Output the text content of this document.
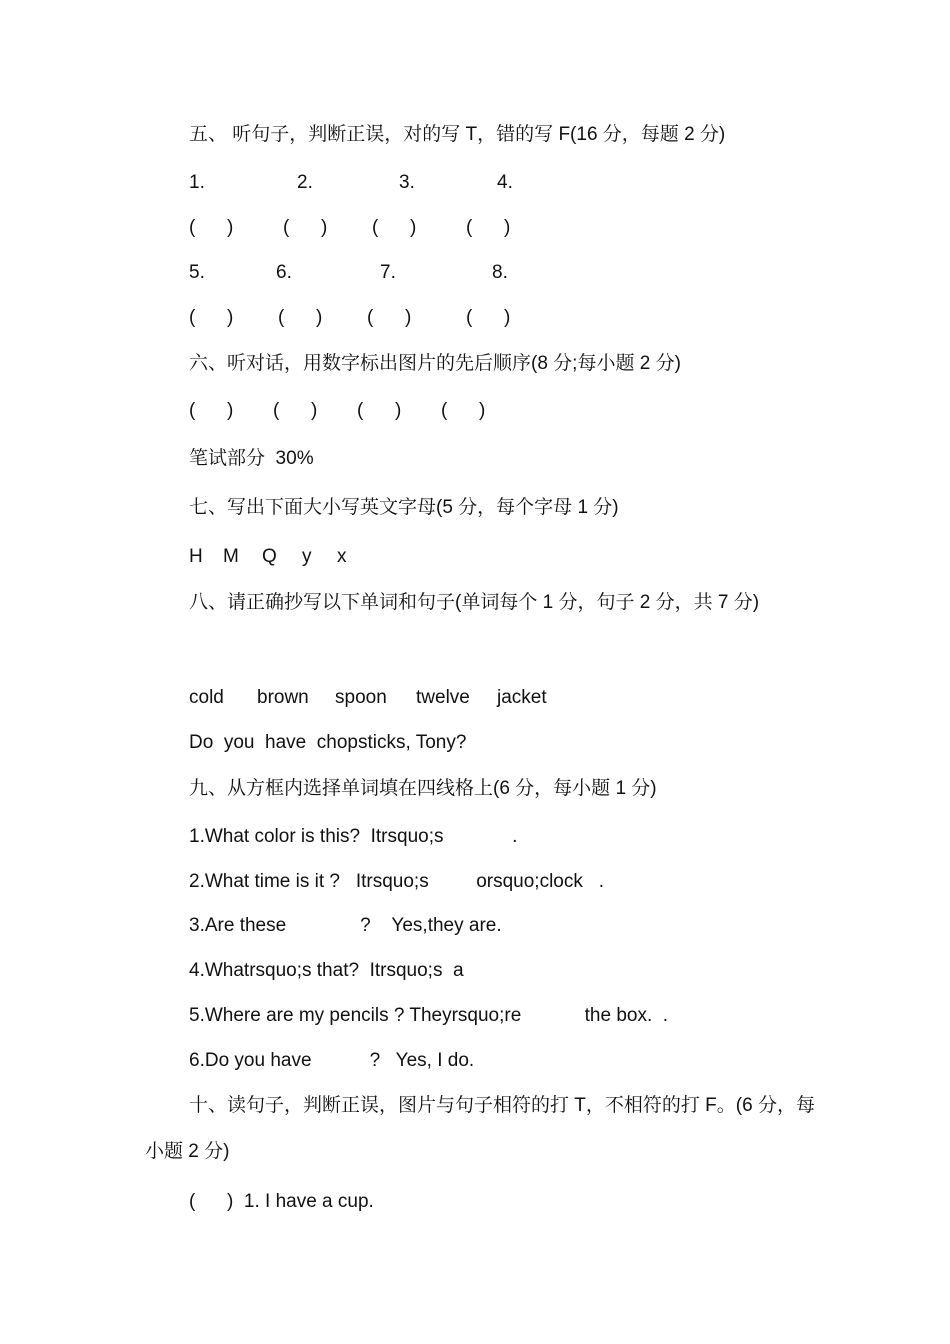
五、 听句子，判断正误，对的写 T，错的写 F(16 分，每题 2 分)
1.	2.	3.	4.
(      )	(      ) (      )	(      )
5.	6.	7.	8.
(      ) (      ) (      )	(      )
六、听对话，用数字标出图片的先后顺序(8 分;每小题 2 分)
(      ) (      ) (      ) (      )
笔试部分  30%
七、写出下面大小写英文字母(5 分，每个字母 1 分)
H M Q y x
八、请正确抄写以下单词和句子(单词每个 1 分，句子 2 分，共 7 分)
cold brown spoon twelve jacket
Do  you  have  chopsticks, Tony?
九、从方框内选择单词填在四线格上(6 分，每小题 1 分)
1.What color is this?  Itrsquo;s             .
2.What time is it ?   Itrsquo;s         orsquo;clock   .
3.Are these              ?    Yes,they are.
4.Whatrsquo;s that?  Itrsquo;s  a
5.Where are my pencils ? Theyrsquo;re            the box.  .
6.Do you have           ?   Yes, I do.
十、读句子，判断正误，图片与句子相符的打 T，不相符的打 F。(6 分，每小题 2 分)
(      )  1. I have a cup.
